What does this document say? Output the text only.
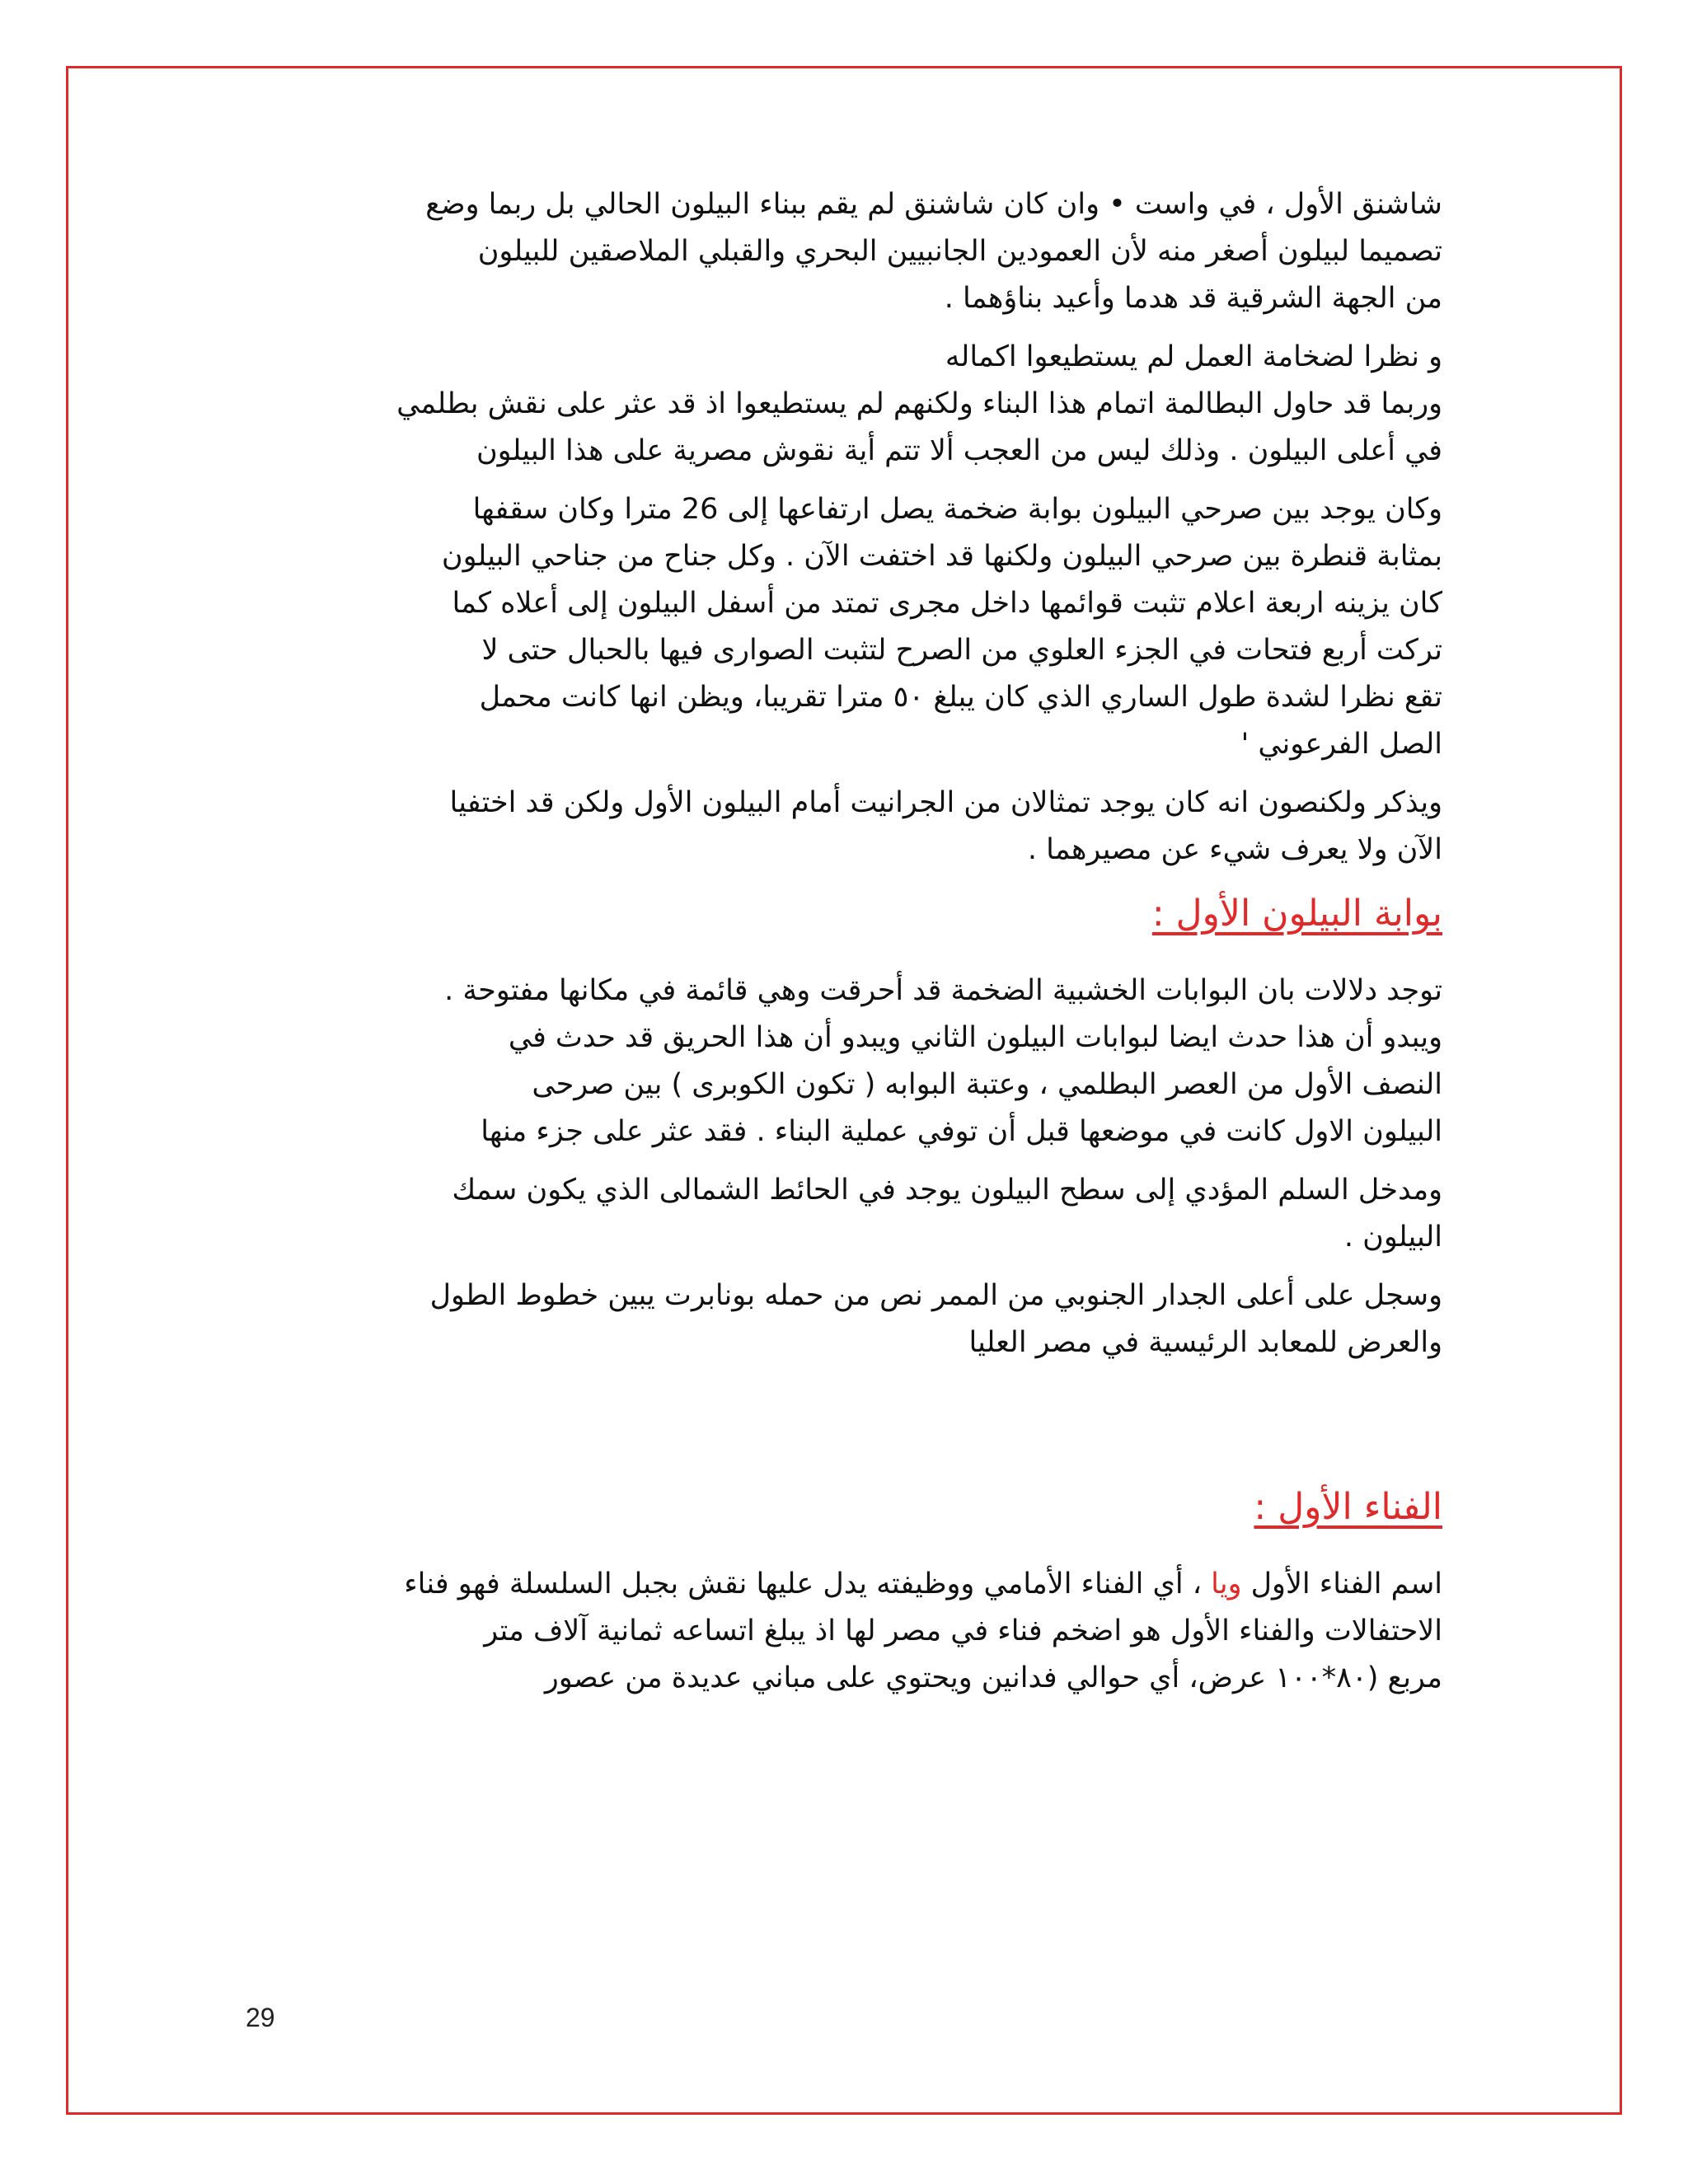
شاشنق الأول ، في واست • وان كان شاشنق لم يقم ببناء البيلون الحالي بل ربما وضع
تصميما لبيلون أصغر منه لأن العمودين الجانبيين البحري والقبلي الملاصقين للبيلون
من الجهة الشرقية قد هدما وأعيد بناؤهما .

و نظرا لضخامة العمل لم يستطيعوا اكماله
وربما قد حاول البطالمة اتمام هذا البناء ولكنهم لم يستطيعوا اذ قد عثر على نقش بطلمي
في أعلى البيلون . وذلك ليس من العجب ألا تتم أية نقوش مصرية على هذا البيلون

وكان يوجد بين صرحي البيلون بوابة ضخمة يصل ارتفاعها إلى 26 مترا وكان سقفها
بمثابة قنطرة بين صرحي البيلون ولكنها قد اختفت الآن . وكل جناح من جناحي البيلون
كان يزينه اربعة اعلام تثبت قوائمها داخل مجرى تمتد من أسفل البيلون إلى أعلاه كما
تركت أربع فتحات في الجزء العلوي من الصرح لتثبت الصوارى فيها بالحبال حتى لا
تقع نظرا لشدة طول الساري الذي كان يبلغ ٥٠ مترا تقريبا، ويظن انها كانت محمل
الصل الفرعوني '

ويذكر ولكنصون انه كان يوجد تمثالان من الجرانيت أمام البيلون الأول ولكن قد اختفيا
الآن ولا يعرف شيء عن مصيرهما .

بوابة البيلون الأول :

توجد دلالات بان البوابات الخشبية الضخمة قد أحرقت وهي قائمة في مكانها مفتوحة .
ويبدو أن هذا حدث ايضا لبوابات البيلون الثاني ويبدو أن هذا الحريق قد حدث في
النصف الأول من العصر البطلمي ، وعتبة البوابه ( تكون الكوبرى ) بين صرحى
البيلون الاول كانت في موضعها قبل أن توفي عملية البناء . فقد عثر على جزء منها

ومدخل السلم المؤدي إلى سطح البيلون يوجد في الحائط الشمالى الذي يكون سمك
البيلون .

وسجل على أعلى الجدار الجنوبي من الممر نص من حمله بونابرت يبين خطوط الطول
والعرض للمعابد الرئيسية في مصر العليا

الفناء الأول :

اسم الفناء الأول ويا ، أي الفناء الأمامي ووظيفته يدل عليها نقش بجبل السلسلة فهو فناء
الاحتفالات والفناء الأول هو اضخم فناء في مصر لها اذ يبلغ اتساعه ثمانية آلاف متر
مربع (٨٠*١٠٠ عرض، أي حوالي فدانين ويحتوي على مباني عديدة من عصور

29
